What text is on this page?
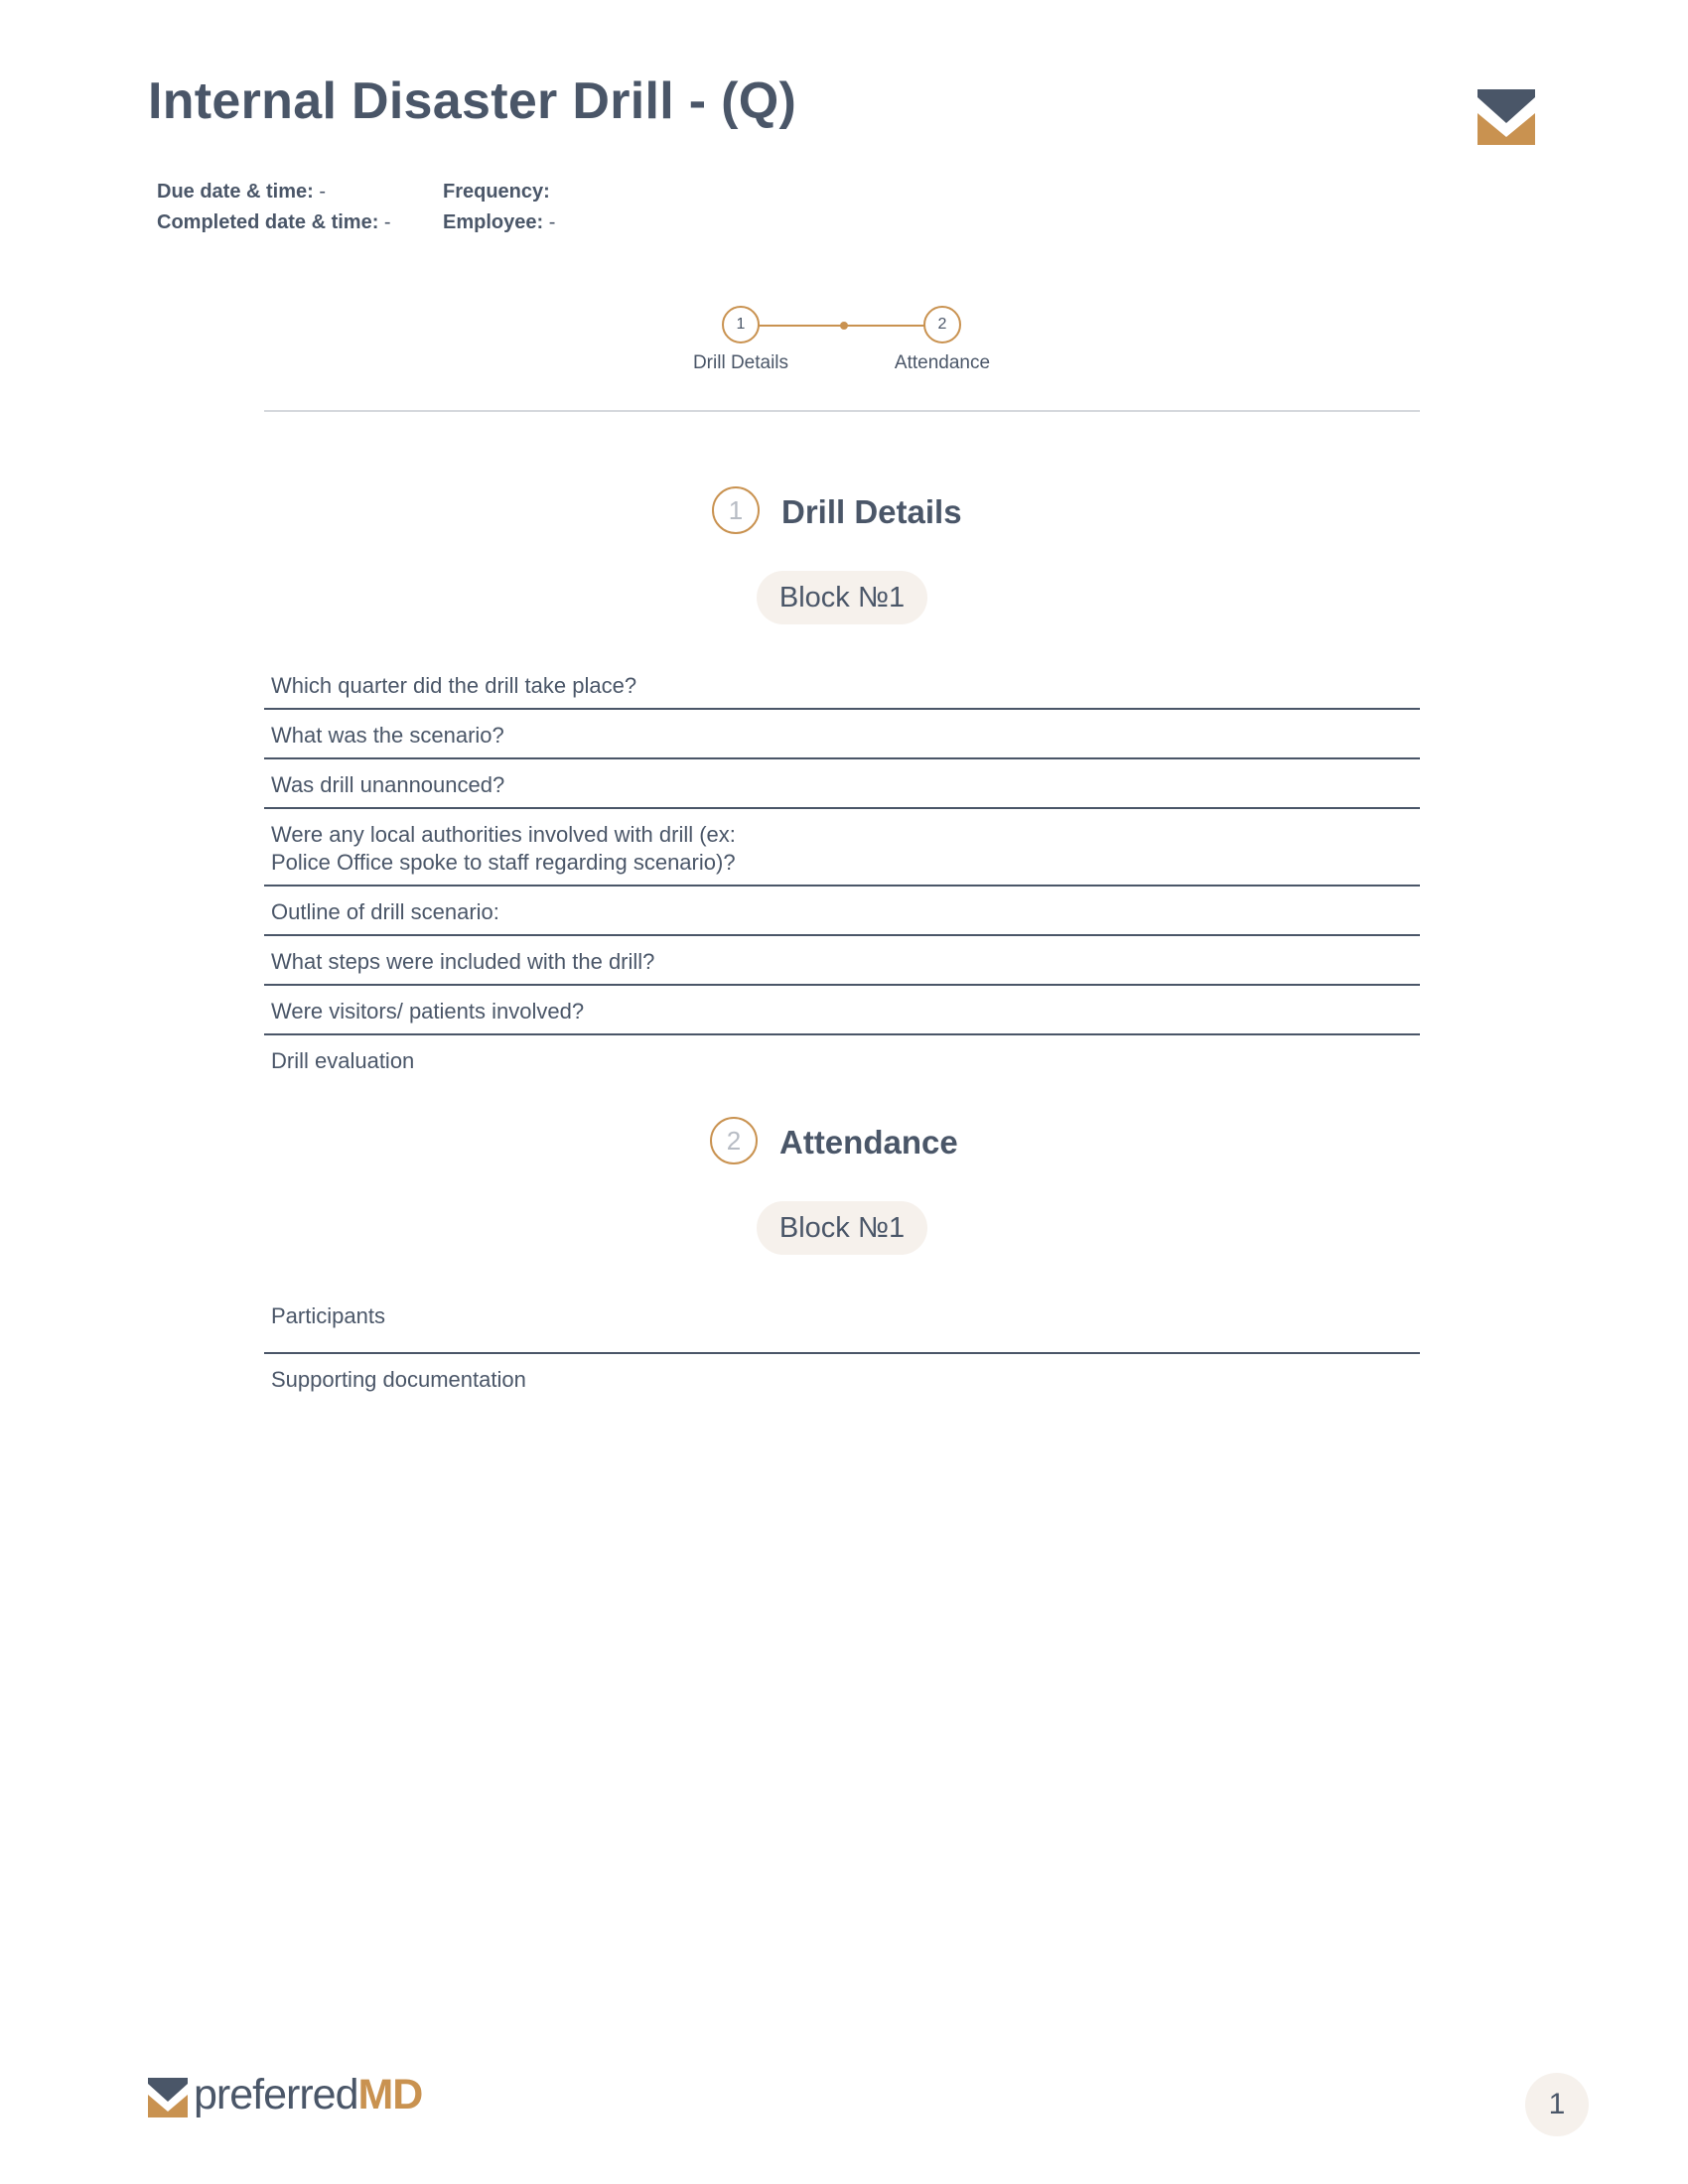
Internal Disaster Drill - (Q)
Due date & time: -
Completed date & time: -
Frequency:
Employee: -
1	2
Drill Details	Attendance
1	Drill Details
Block №1
Which quarter did the drill take place?
What was the scenario?
Was drill unannounced?
Were any local authorities involved with drill (ex:
Police Office spoke to staff regarding scenario)?
Outline of drill scenario:
What steps were included with the drill?
Were visitors/ patients involved?
Drill evaluation
2	Attendance
Block №1
Participants
Supporting documentation
preferredMD	1
